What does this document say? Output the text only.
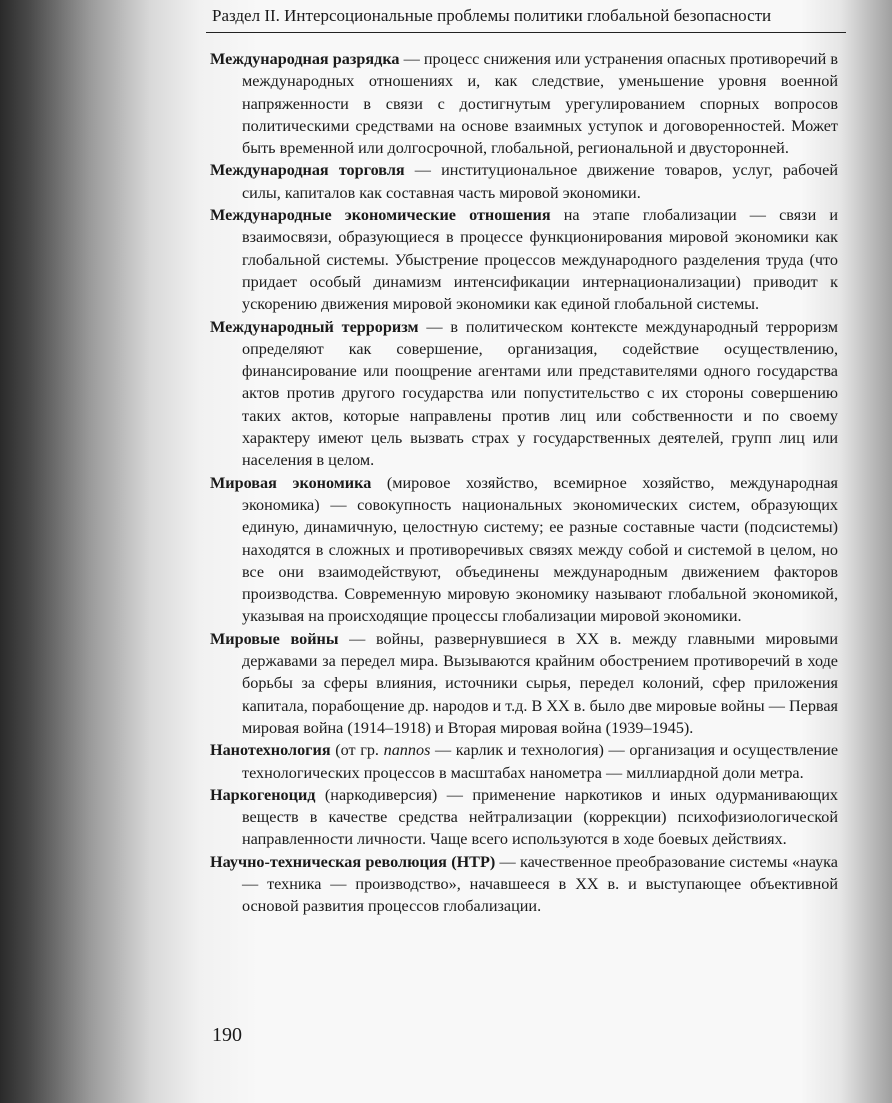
Раздел II. Интерсоциональные проблемы политики глобальной безопасности

Международная разрядка — процесс снижения или устранения опасных противоречий в международных отношениях и, как следствие, уменьшение уровня военной напряженности в связи с достигнутым урегулированием спорных вопросов политическими средствами на основе взаимных уступок и договоренностей. Может быть временной или долгосрочной, глобальной, региональной и двусторонней.

Международная торговля — институциональное движение товаров, услуг, рабочей силы, капиталов как составная часть мировой экономики.

Международные экономические отношения на этапе глобализации — связи и взаимосвязи, образующиеся в процессе функционирования мировой экономики как глобальной системы. Убыстрение процессов международного разделения труда (что придает особый динамизм интенсификации интернационализации) приводит к ускорению движения мировой экономики как единой глобальной системы.

Международный терроризм — в политическом контексте международный терроризм определяют как совершение, организация, содействие осуществлению, финансирование или поощрение агентами или представителями одного государства актов против другого государства или попустительство с их стороны совершению таких актов, которые направлены против лиц или собственности и по своему характеру имеют цель вызвать страх у государственных деятелей, групп лиц или населения в целом.

Мировая экономика (мировое хозяйство, всемирное хозяйство, международная экономика) — совокупность национальных экономических систем, образующих единую, динамичную, целостную систему; ее разные составные части (подсистемы) находятся в сложных и противоречивых связях между собой и системой в целом, но все они взаимодействуют, объединены международным движением факторов производства. Современную мировую экономику называют глобальной экономикой, указывая на происходящие процессы глобализации мировой экономики.

Мировые войны — войны, развернувшиеся в XX в. между главными мировыми державами за передел мира. Вызываются крайним обострением противоречий в ходе борьбы за сферы влияния, источники сырья, передел колоний, сфер приложения капитала, порабощение др. народов и т.д. В XX в. было две мировые войны — Первая мировая война (1914–1918) и Вторая мировая война (1939–1945).

Нанотехнология (от гр. nannos — карлик и технология) — организация и осуществление технологических процессов в масштабах нанометра — миллиардной доли метра.

Наркогеноцид (наркодиверсия) — применение наркотиков и иных одурманивающих веществ в качестве средства нейтрализации (коррекции) психофизиологической направленности личности. Чаще всего используются в ходе боевых действиях.

Научно-техническая революция (НТР) — качественное преобразование системы «наука — техника — производство», начавшееся в XX в. и выступающее объективной основой развития процессов глобализации.

190
